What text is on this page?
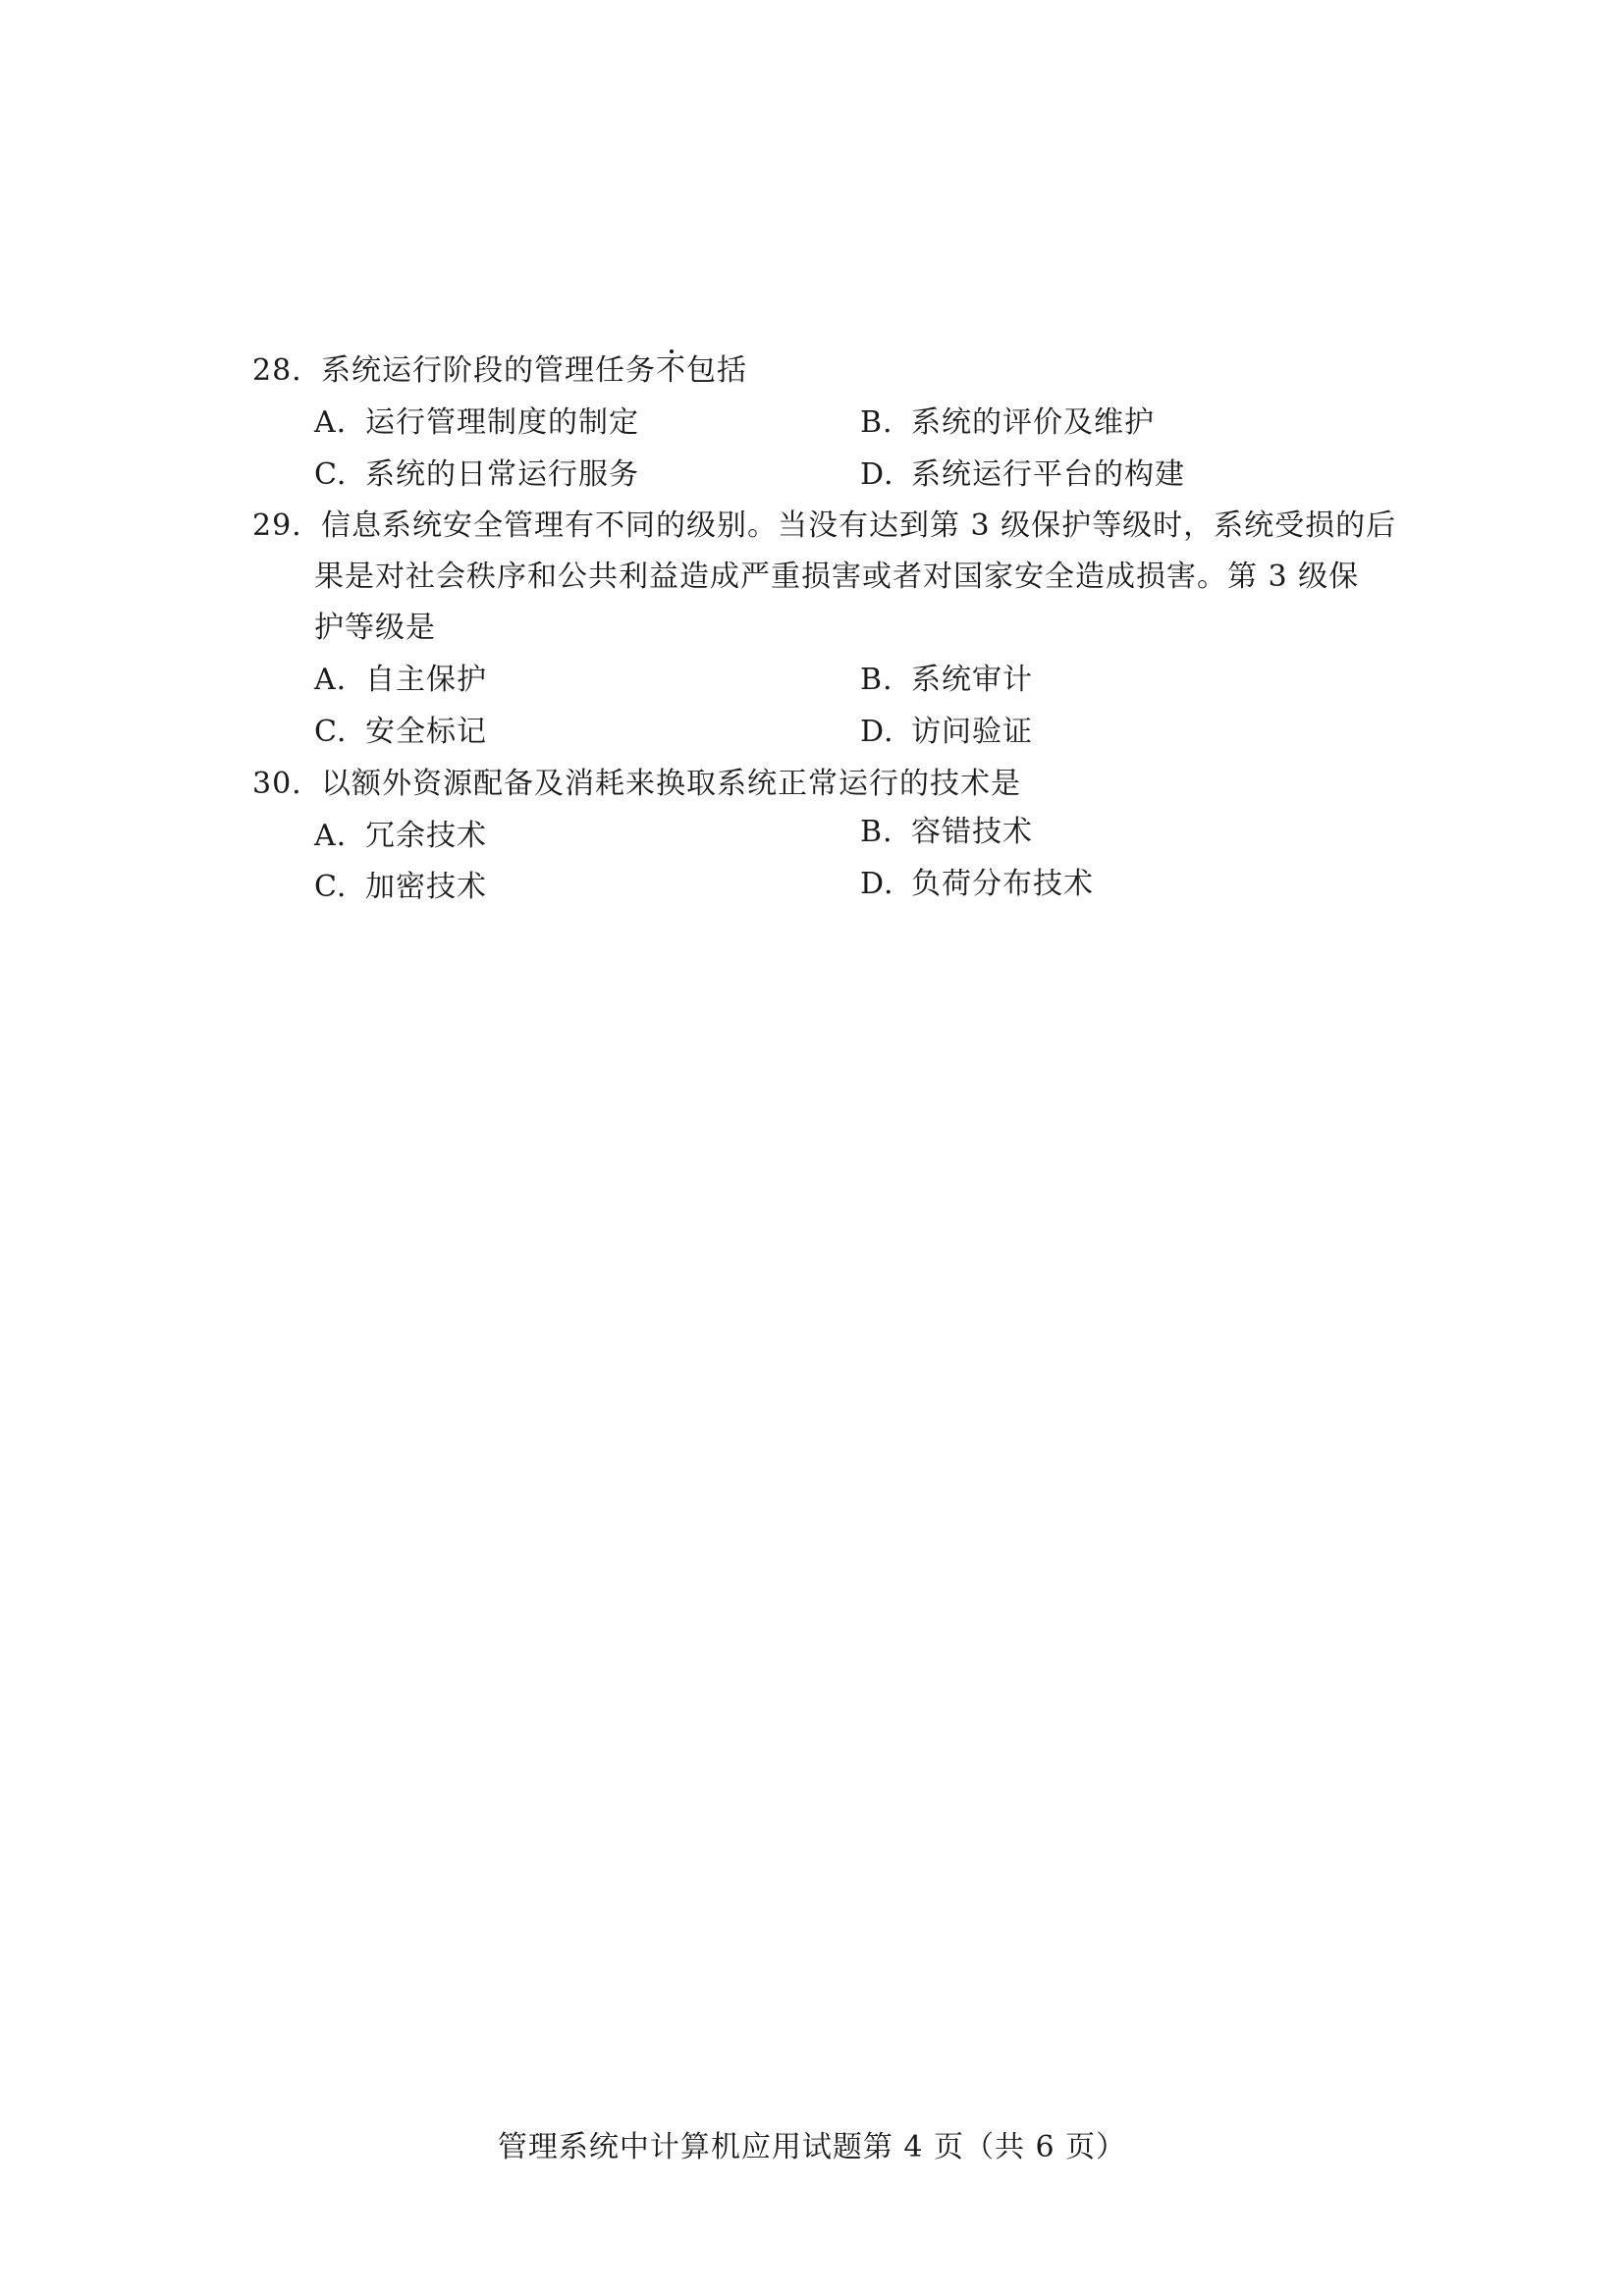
28. 系统运行阶段的管理任务不包括
A. 运行管理制度的制定	B. 系统的评价及维护
C. 系统的日常运行服务	D. 系统运行平台的构建
29. 信息系统安全管理有不同的级别。当没有达到第 3 级保护等级时，系统受损的后
果是对社会秩序和公共利益造成严重损害或者对国家安全造成损害。第 3 级保
护等级是
A. 自主保护	B. 系统审计
C. 安全标记	D. 访问验证
30. 以额外资源配备及消耗来换取系统正常运行的技术是
A. 冗余技术	B. 容错技术
C. 加密技术	D. 负荷分布技术
管理系统中计算机应用试题第 4 页（共 6 页）
